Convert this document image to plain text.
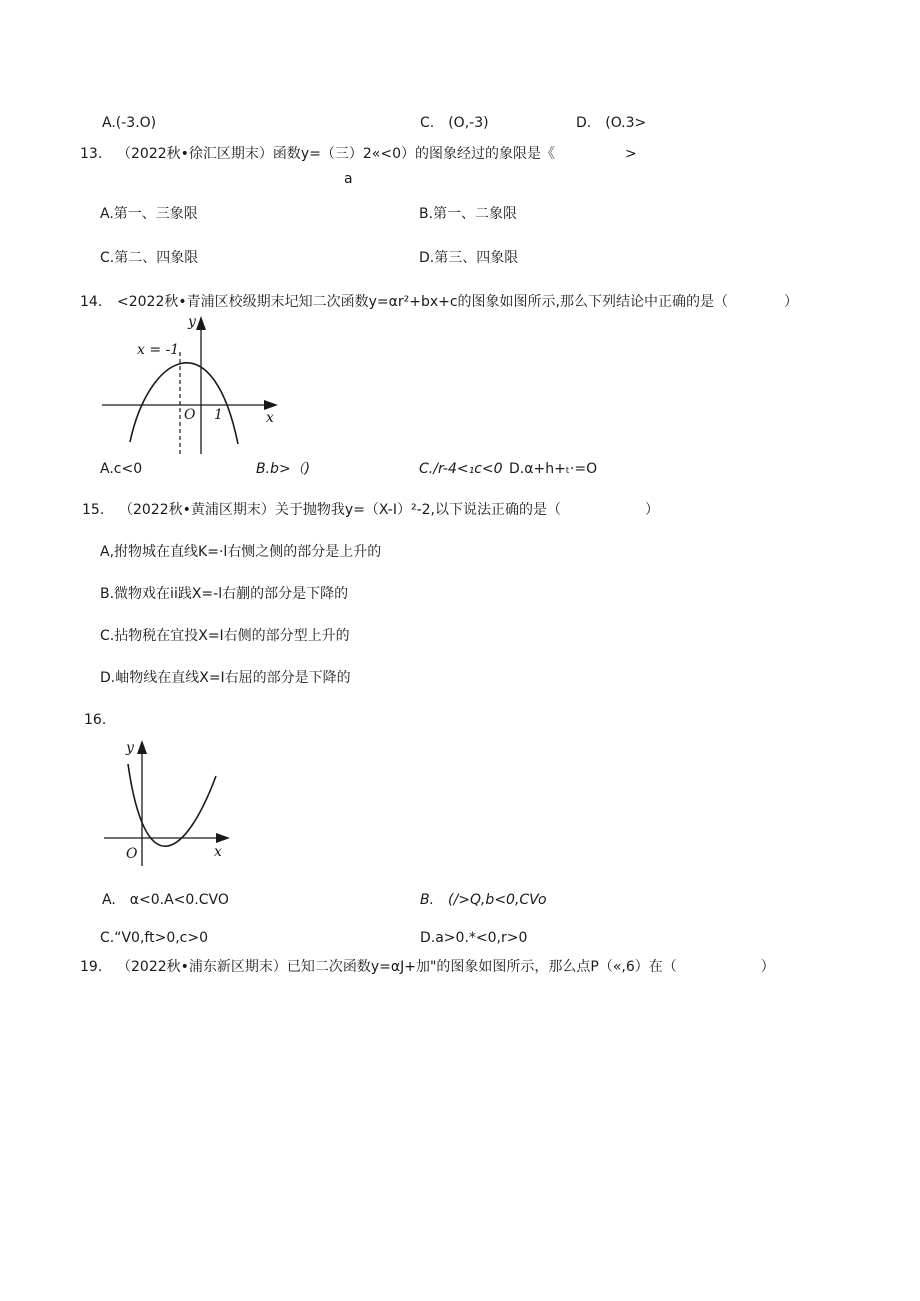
A.(-3.O)	C.　(O,-3)	D.　(O.3>
13. （2022秋•徐汇区期末）函数y=（三）2«<0）的图象经过的象限是《　　　　　>
a
A.第一、三象限	B.第一、二象限
C.第二、四象限	D.第三、四象限
14. <2022秋•青浦区校级期末圮知二次函数y=αr²+bx+c的图象如图所示,那么下列结论中正确的是（　　　　）
x = -1
y
x
O 1
A.c<0	B.b>（)	C./r-4<₁c<0 D.α+h+ₜ·=O
15. （2022秋•黄浦区期末）关于抛物我y=（X-I）²-2,以下说法正确的是（　　　　　　）
A,拊物城在直线K=·l右恻之侧的部分是上升的
B.微物戏在ii践X=-l右蒯的部分是下降的
C.拈物税在宜投X=I右侧的部分型上升的
D.岫物线在直线X=I右屈的部分是下降的
16.
y
x
O
A.　α<0.A<0.CVO	B.　(/>Q,b<0,CVo
C.“V0,ft>0,c>0	D.a>0.*<0,r>0
19. （2022秋•浦东新区期末）已知二次函数y=αJ+加"的图象如图所示，那么点P（«,6）在（　　　　　　）
